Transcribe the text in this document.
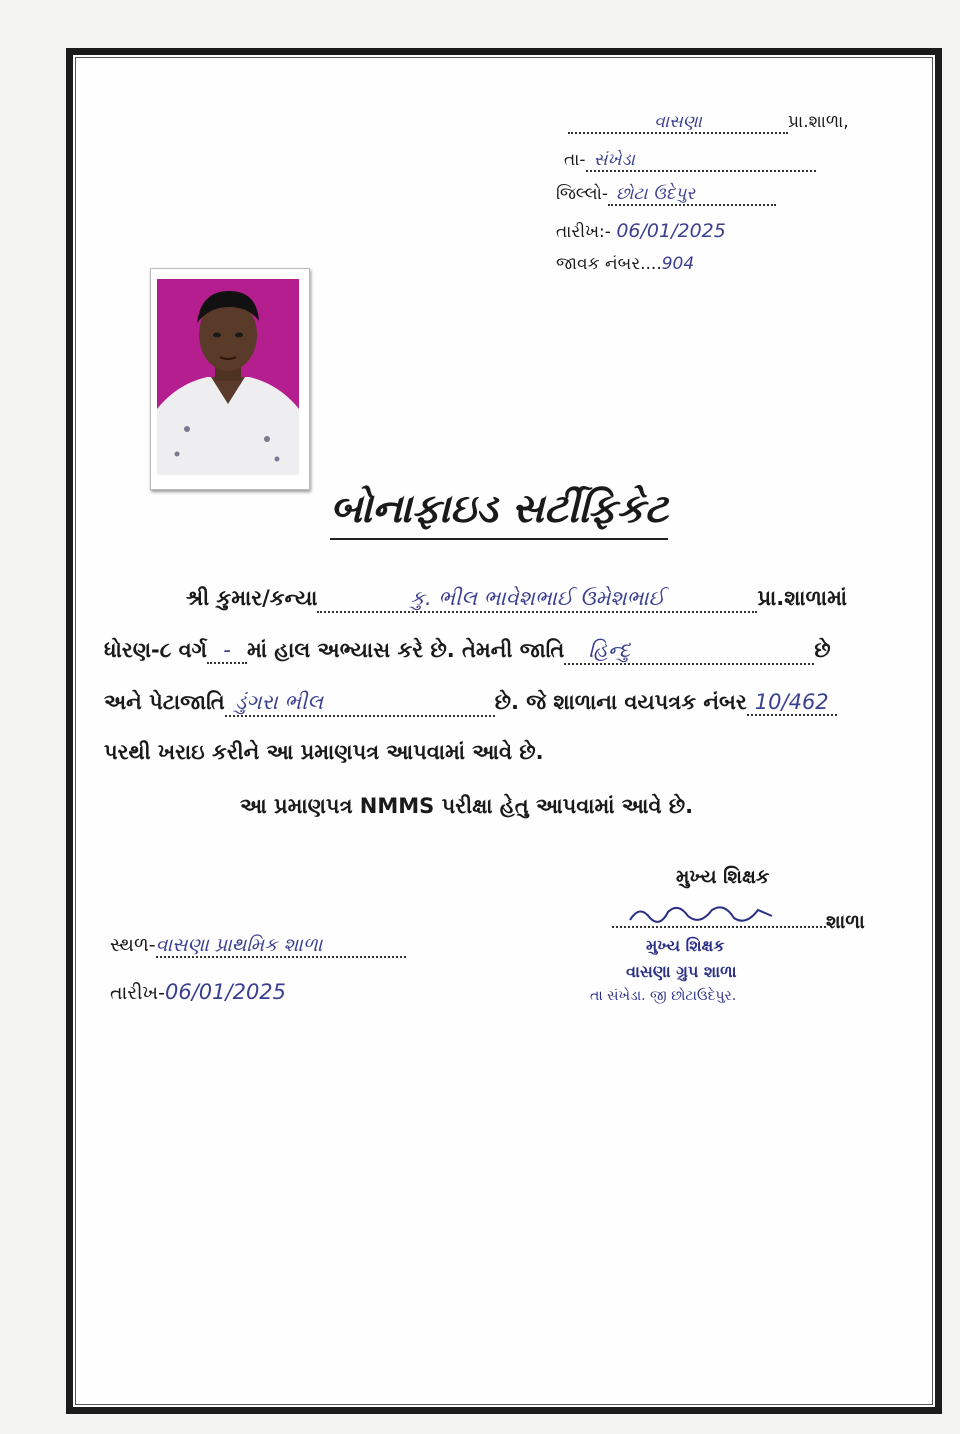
વાસણા	પ્રા.શાળા,
તા- સંખેડા
જિલ્લો- છોટા ઉદેપુર
તારીખ:- 06/01/2025
જાવક નંબર....904
બોનાફાઇડ સર્ટીફિકેટ
શ્રી કુમાર/કન્યા	કુ. ભીલ ભાવેશભાઈ ઉમેશભાઈ	પ્રા.શાળામાં
ધોરણ-૮ વર્ગ - માં હાલ અભ્યાસ કરે છે. તેમની જાતિ હિન્દુ	છે
અને પેટાજાતિ ડુંગરા ભીલ	છે. જે શાળાના વયપત્રક નંબર 10/462
પરથી ખરાઇ કરીને આ પ્રમાણપત્ર આપવામાં આવે છે.
આ પ્રમાણપત્ર NMMS પરીક્ષા હેતુ આપવામાં આવે છે.
મુખ્ય શિક્ષક
શાળા
મુખ્ય શિક્ષક
વાસણા ગ્રુપ શાળા
તા સંખેડા. જી છોટાઉદેપુર.
સ્થળ-વાસણા પ્રાથમિક શાળા
તારીખ-06/01/2025
